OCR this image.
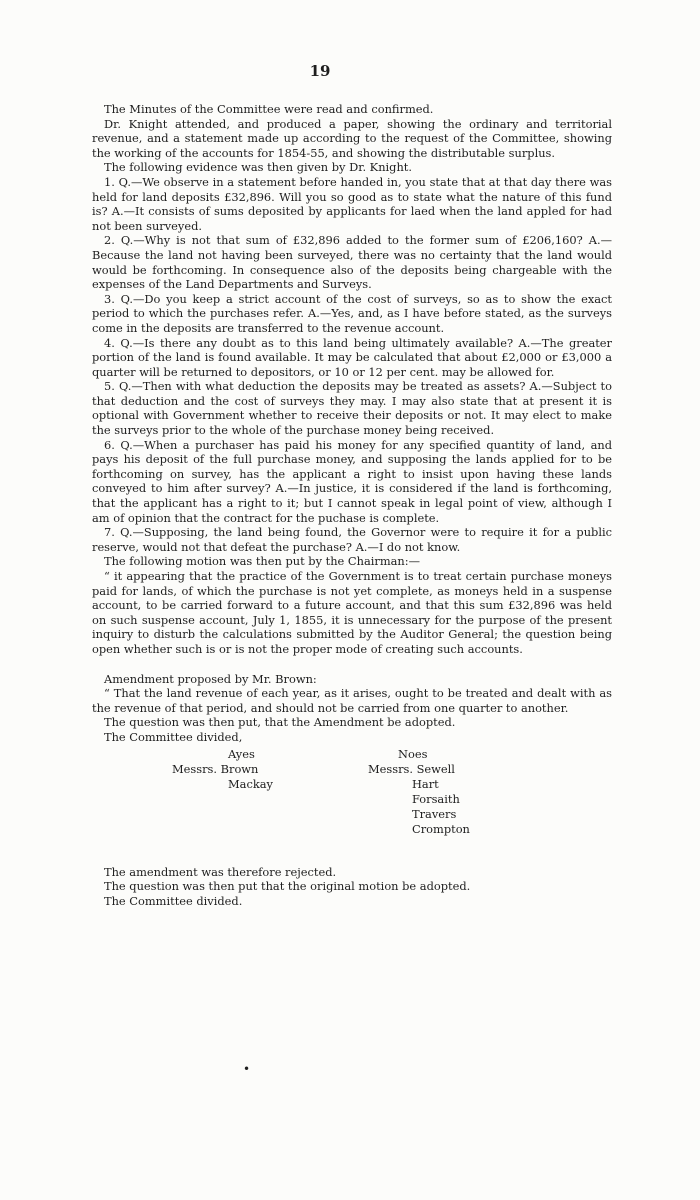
19

The Minutes of the Committee were read and confirmed.

Dr. Knight attended, and produced a paper, showing the ordinary and territorial revenue, and a statement made up according to the request of the Committee, showing the working of the accounts for 1854-55, and showing the distributable surplus.

The following evidence was then given by Dr. Knight.

1. Q.—We observe in a statement before handed in, you state that at that day there was held for land deposits £32,896. Will you so good as to state what the nature of this fund is? A.—It consists of sums deposited by applicants for laed when the land appled for had not been surveyed.

2. Q.—Why is not that sum of £32,896 added to the former sum of £206,160? A.—Because the land not having been surveyed, there was no certainty that the land would would be forthcoming. In consequence also of the deposits being chargeable with the expenses of the Land Departments and Surveys.

3. Q.—Do you keep a strict account of the cost of surveys, so as to show the exact period to which the purchases refer. A.—Yes, and, as I have before stated, as the surveys come in the deposits are transferred to the revenue account.

4. Q.—Is there any doubt as to this land being ultimately available? A.—The greater portion of the land is found available. It may be calculated that about £2,000 or £3,000 a quarter will be returned to depositors, or 10 or 12 per cent. may be allowed for.

5. Q.—Then with what deduction the deposits may be treated as assets? A.—Subject to that deduction and the cost of surveys they may. I may also state that at present it is optional with Government whether to receive their deposits or not. It may elect to make the surveys prior to the whole of the purchase money being received.

6. Q.—When a purchaser has paid his money for any specified quantity of land, and pays his deposit of the full purchase money, and supposing the lands applied for to be forthcoming on survey, has the applicant a right to insist upon having these lands conveyed to him after survey? A.—In justice, it is considered if the land is forthcoming, that the applicant has a right to it; but I cannot speak in legal point of view, although I am of opinion that the contract for the puchase is complete.

7. Q.—Supposing, the land being found, the Governor were to require it for a public reserve, would not that defeat the purchase? A.—I do not know.

The following motion was then put by the Chairman:—

“ it appearing that the practice of the Government is to treat certain purchase moneys paid for lands, of which the purchase is not yet complete, as moneys held in a suspense account, to be carried forward to a future account, and that this sum £32,896 was held on such suspense account, July 1, 1855, it is unnecessary for the purpose of the present inquiry to disturb the calculations submitted by the Auditor General; the question being open whether such is or is not the proper mode of creating such accounts.

Amendment proposed by Mr. Brown:

“ That the land revenue of each year, as it arises, ought to be treated and dealt with as the revenue of that period, and should not be carried from one quarter to another.

The question was then put, that the Amendment be adopted.

The Committee divided,

Ayes
Messrs. Brown
Mackay
Noes
Messrs. Sewell
Hart
Forsaith
Travers
Crompton

The amendment was therefore rejected.

The question was then put that the original motion be adopted.

The Committee divided.

•
